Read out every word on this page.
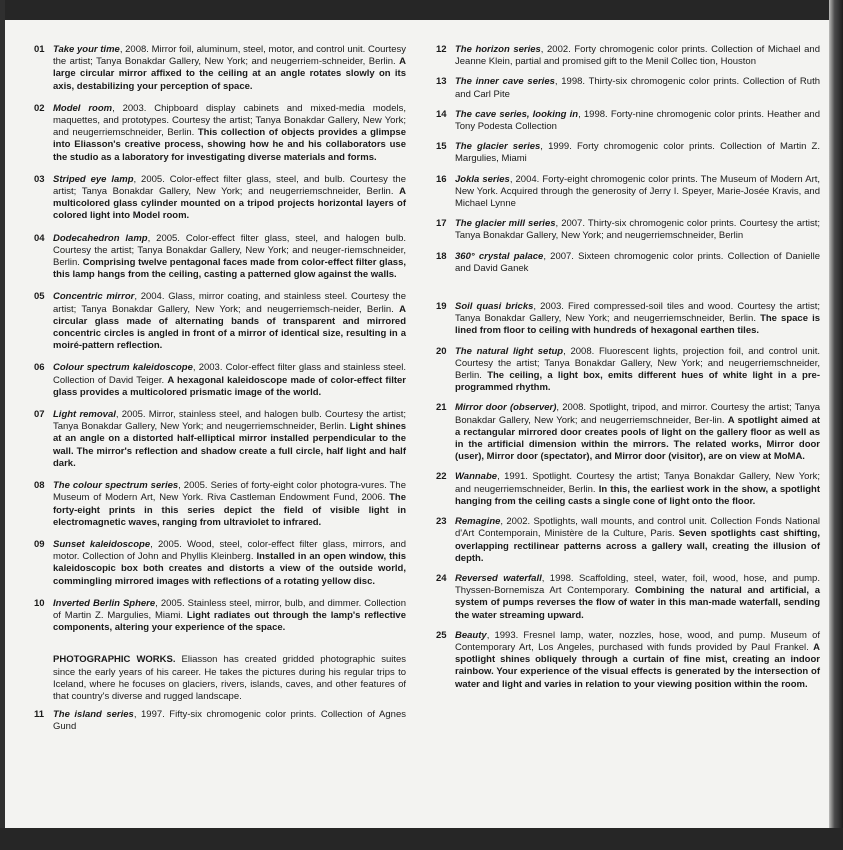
01 Take your time, 2008. Mirror foil, aluminum, steel, motor, and control unit. Courtesy the artist; Tanya Bonakdar Gallery, New York; and neugerriem-schneider, Berlin. A large circular mirror affixed to the ceiling at an angle rotates slowly on its axis, destabilizing your perception of space.
02 Model room, 2003. Chipboard display cabinets and mixed-media models, maquettes, and prototypes. Courtesy the artist; Tanya Bonakdar Gallery, New York; and neugerriemschneider, Berlin. This collection of objects provides a glimpse into Eliasson's creative process, showing how he and his collaborators use the studio as a laboratory for investigating diverse materials and forms.
03 Striped eye lamp, 2005. Color-effect filter glass, steel, and bulb. Courtesy the artist; Tanya Bonakdar Gallery, New York; and neugerriemschneider, Berlin. A multicolored glass cylinder mounted on a tripod projects horizontal layers of colored light into Model room.
04 Dodecahedron lamp, 2005. Color-effect filter glass, steel, and halogen bulb. Courtesy the artist; Tanya Bonakdar Gallery, New York; and neuger-riemschneider, Berlin. Comprising twelve pentagonal faces made from color-effect filter glass, this lamp hangs from the ceiling, casting a patterned glow against the walls.
05 Concentric mirror, 2004. Glass, mirror coating, and stainless steel. Courtesy the artist; Tanya Bonakdar Gallery, New York; and neugerriemsch-neider, Berlin. A circular glass made of alternating bands of transparent and mirrored concentric circles is angled in front of a mirror of identical size, resulting in a moiré-pattern reflection.
06 Colour spectrum kaleidoscope, 2003. Color-effect filter glass and stainless steel. Collection of David Teiger. A hexagonal kaleidoscope made of color-effect filter glass provides a multicolored prismatic image of the world.
07 Light removal, 2005. Mirror, stainless steel, and halogen bulb. Courtesy the artist; Tanya Bonakdar Gallery, New York; and neugerriemschneider, Berlin. Light shines at an angle on a distorted half-elliptical mirror installed perpendicular to the wall. The mirror's reflection and shadow create a full circle, half light and half dark.
08 The colour spectrum series, 2005. Series of forty-eight color photogra-vures. The Museum of Modern Art, New York. Riva Castleman Endowment Fund, 2006. The forty-eight prints in this series depict the field of visible light in electromagnetic waves, ranging from ultraviolet to infrared.
09 Sunset kaleidoscope, 2005. Wood, steel, color-effect filter glass, mirrors, and motor. Collection of John and Phyllis Kleinberg. Installed in an open window, this kaleidoscopic box both creates and distorts a view of the outside world, commingling mirrored images with reflections of a rotating yellow disc.
10 Inverted Berlin Sphere, 2005. Stainless steel, mirror, bulb, and dimmer. Collection of Martin Z. Margulies, Miami. Light radiates out through the lamp's reflective components, altering your experience of the space.
PHOTOGRAPHIC WORKS. Eliasson has created gridded photographic suites since the early years of his career. He takes the pictures during his regular trips to Iceland, where he focuses on glaciers, rivers, islands, caves, and other features of that country's diverse and rugged landscape.
11 The island series, 1997. Fifty-six chromogenic color prints. Collection of Agnes Gund
12 The horizon series, 2002. Forty chromogenic color prints. Collection of Michael and Jeanne Klein, partial and promised gift to the Menil Collec tion, Houston
13 The inner cave series, 1998. Thirty-six chromogenic color prints. Collection of Ruth and Carl Pite
14 The cave series, looking in, 1998. Forty-nine chromogenic color prints. Heather and Tony Podesta Collection
15 The glacier series, 1999. Forty chromogenic color prints. Collection of Martin Z. Margulies, Miami
16 Jokla series, 2004. Forty-eight chromogenic color prints. The Museum of Modern Art, New York. Acquired through the generosity of Jerry I. Speyer, Marie-Josée Kravis, and Michael Lynne
17 The glacier mill series, 2007. Thirty-six chromogenic color prints. Courtesy the artist; Tanya Bonakdar Gallery, New York; and neugerriemschneider, Berlin
18 360° crystal palace, 2007. Sixteen chromogenic color prints. Collection of Danielle and David Ganek
19 Soil quasi bricks, 2003. Fired compressed-soil tiles and wood. Courtesy the artist; Tanya Bonakdar Gallery, New York; and neugerriemschneider, Berlin. The space is lined from floor to ceiling with hundreds of hexagonal earthen tiles.
20 The natural light setup, 2008. Fluorescent lights, projection foil, and control unit. Courtesy the artist; Tanya Bonakdar Gallery, New York; and neugerriemschneider, Berlin. The ceiling, a light box, emits different hues of white light in a pre-programmed rhythm.
21 Mirror door (observer), 2008. Spotlight, tripod, and mirror. Courtesy the artist; Tanya Bonakdar Gallery, New York; and neugerriemschneider, Ber-lin. A spotlight aimed at a rectangular mirrored door creates pools of light on the gallery floor as well as in the artificial dimension within the mirrors. The related works, Mirror door (user), Mirror door (spectator), and Mirror door (visitor), are on view at MoMA.
22 Wannabe, 1991. Spotlight. Courtesy the artist; Tanya Bonakdar Gallery, New York; and neugerriemschneider, Berlin. In this, the earliest work in the show, a spotlight hanging from the ceiling casts a single cone of light onto the floor.
23 Remagine, 2002. Spotlights, wall mounts, and control unit. Collection Fonds National d'Art Contemporain, Ministère de la Culture, Paris. Seven spotlights cast shifting, overlapping rectilinear patterns across a gallery wall, creating the illusion of depth.
24 Reversed waterfall, 1998. Scaffolding, steel, water, foil, wood, hose, and pump. Thyssen-Bornemisza Art Contemporary. Combining the natural and artificial, a system of pumps reverses the flow of water in this man-made waterfall, sending the water streaming upward.
25 Beauty, 1993. Fresnel lamp, water, nozzles, hose, wood, and pump. Museum of Contemporary Art, Los Angeles, purchased with funds provided by Paul Frankel. A spotlight shines obliquely through a curtain of fine mist, creating an indoor rainbow. Your experience of the visual effects is generated by the intersection of water and light and varies in relation to your viewing position within the room.
